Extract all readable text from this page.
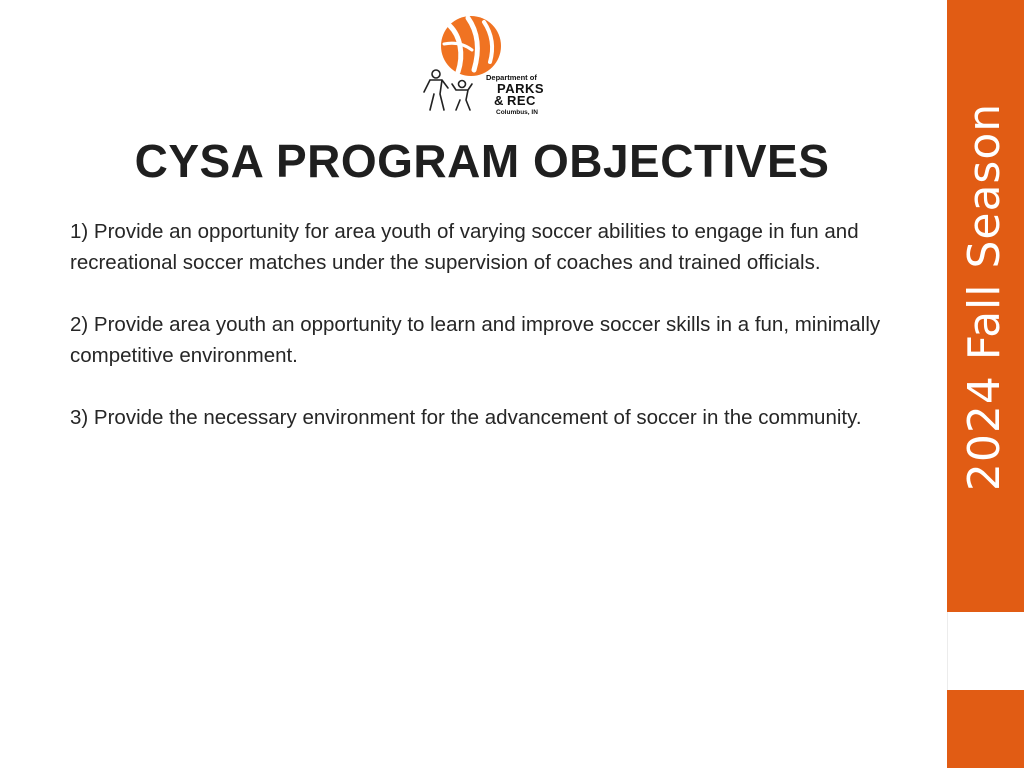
Department of
PARKS
& REC
Columbus, IN
CYSA PROGRAM OBJECTIVES

1) Provide an opportunity for area youth of varying soccer abilities to engage in fun and recreational soccer matches under the supervision of coaches and trained officials.

2) Provide area youth an opportunity to learn and improve soccer skills in a fun, minimally competitive environment.

3) Provide the necessary environment for the advancement of soccer in the community.	2024 Fall Season
